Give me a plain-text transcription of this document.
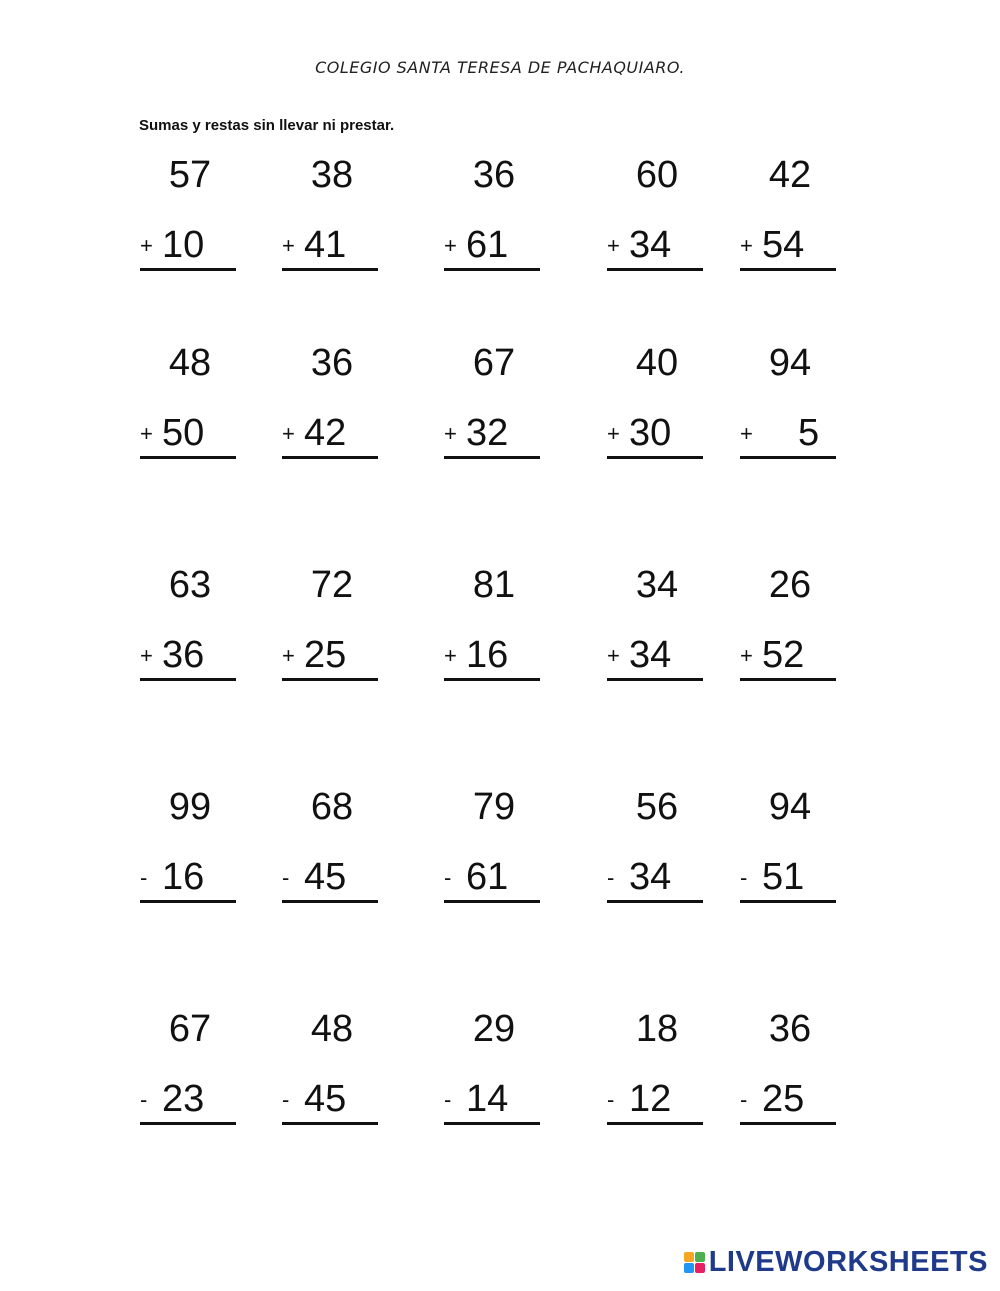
COLEGIO SANTA TERESA DE PACHAQUIARO.
Sumas y restas sin llevar ni prestar.
57
+ 10
38
+ 41
36
+ 61
60
+ 34
42
+ 54
48
+ 50
36
+ 42
67
+ 32
40
+ 30
94
+ 5
63
+ 36
72
+ 25
81
+ 16
34
+ 34
26
+ 52
99
- 16
68
- 45
79
- 61
56
- 34
94
- 51
67
- 23
48
- 45
29
- 14
18
- 12
36
- 25
LIVEWORKSHEETS
